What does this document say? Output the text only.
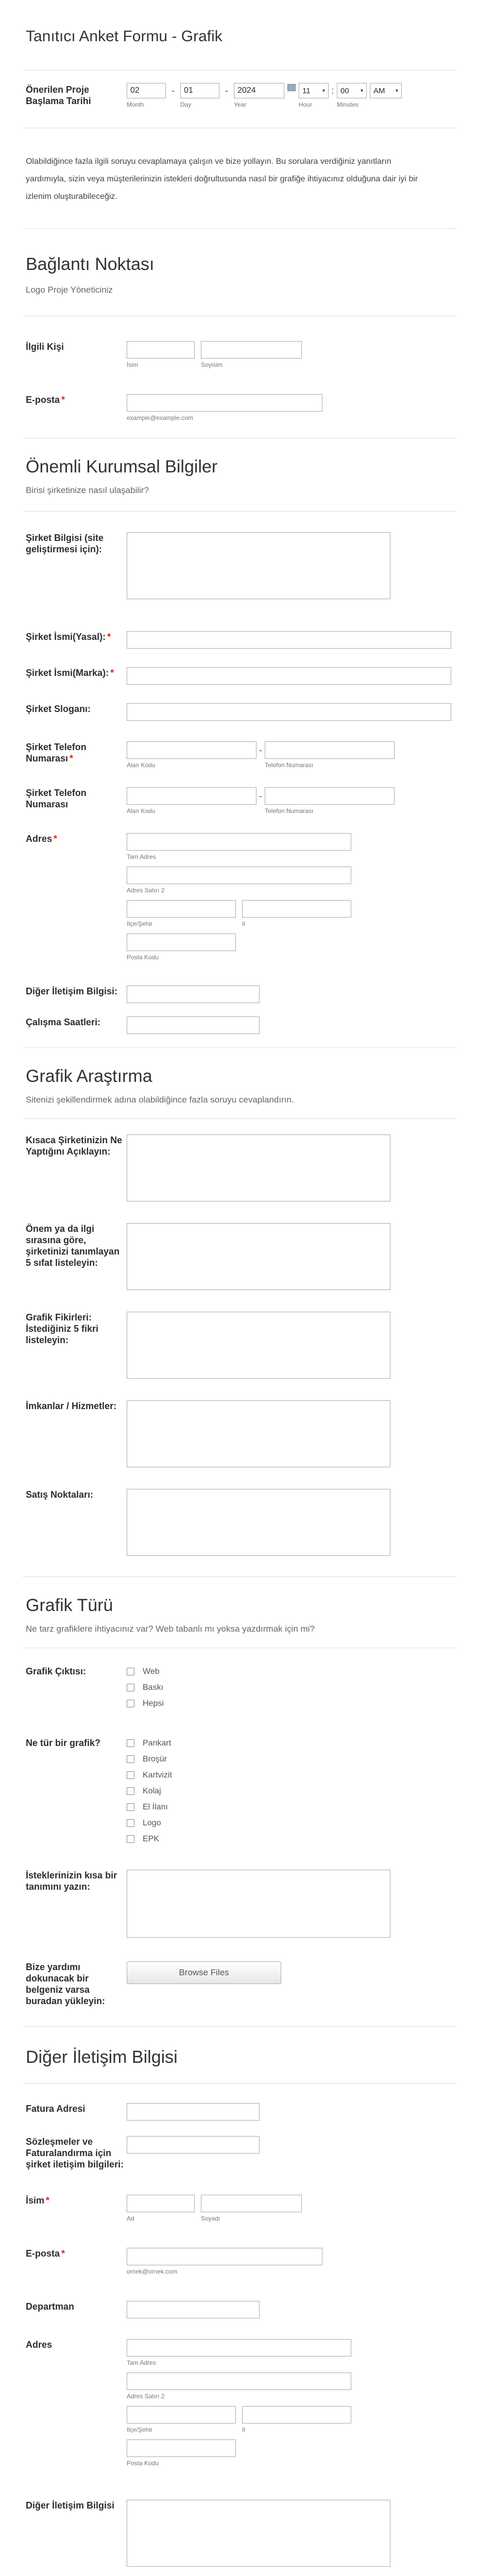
Tanıtıcı Anket Formu - Grafik
Önerilen Proje Başlama Tarihi
02
Month
-	01
Day
-	2024
Year
11 ▾
Hour
: 00 ▾
Minutes
AM ▾
Olabildiğince fazla ilgili soruyu cevaplamaya çalışın ve bize yollayın. Bu sorulara verdiğiniz yanıtların yardımıyla, sizin veya müşterilerinizin istekleri doğrultusunda nasıl bir grafiğe ihtiyacınız olduğuna dair iyi bir izlenim oluşturabileceğiz.
Bağlantı Noktası
Logo Proje Yöneticiniz
İlgili Kişi
İsim	Soyisim
E-posta *
example@example.com
Önemli Kurumsal Bilgiler
Birisi şirketinize nasıl ulaşabilir?
Şirket Bilgisi (site geliştirmesi için):
Şirket İsmi(Yasal): *
Şirket İsmi(Marka): *
Şirket Sloganı:
Şirket Telefon Numarası *
Alan Kodu
-
Telefon Numarası
Şirket Telefon Numarası
Alan Kodu
-
Telefon Numarası
Adres *
Tam Adres
Adres Satırı 2
Ilçe/Şehir	Il
Posta Kodu
Diğer İletişim Bilgisi:
Çalışma Saatleri:
Grafik Araştırma
Sitenizi şekillendirmek adına olabildiğince fazla soruyu cevaplandırın.
Kısaca Şirketinizin Ne Yaptığını Açıklayın:
Önem ya da ilgi sırasına göre, şirketinizi tanımlayan 5 sıfat listeleyin:
Grafik Fikirleri: İstediğiniz 5 fikri listeleyin:
İmkanlar / Hizmetler:
Satış Noktaları:
Grafik Türü
Ne tarz grafiklere ihtiyacınız var? Web tabanlı mı yoksa yazdırmak için mi?
Grafik Çıktısı:	Web
Baskı
Hepsi
Ne tür bir grafik?	Pankart
Broşür
Kartvizit
Kolaj
El İlanı
Logo
EPK
İsteklerinizin kısa bir tanımını yazın:
Bize yardımı dokunacak bir belgeniz varsa buradan yükleyin:
Browse Files
Diğer İletişim Bilgisi
Fatura Adresi
Sözleşmeler ve Faturalandırma için şirket iletişim bilgileri:
İsim *
Ad	Soyadı
E-posta *
ornek@ornek.com
Departman
Adres
Tam Adres
Adres Satırı 2
Ilçe/Şehir	Il
Posta Kodu
Diğer İletişim Bilgisi
